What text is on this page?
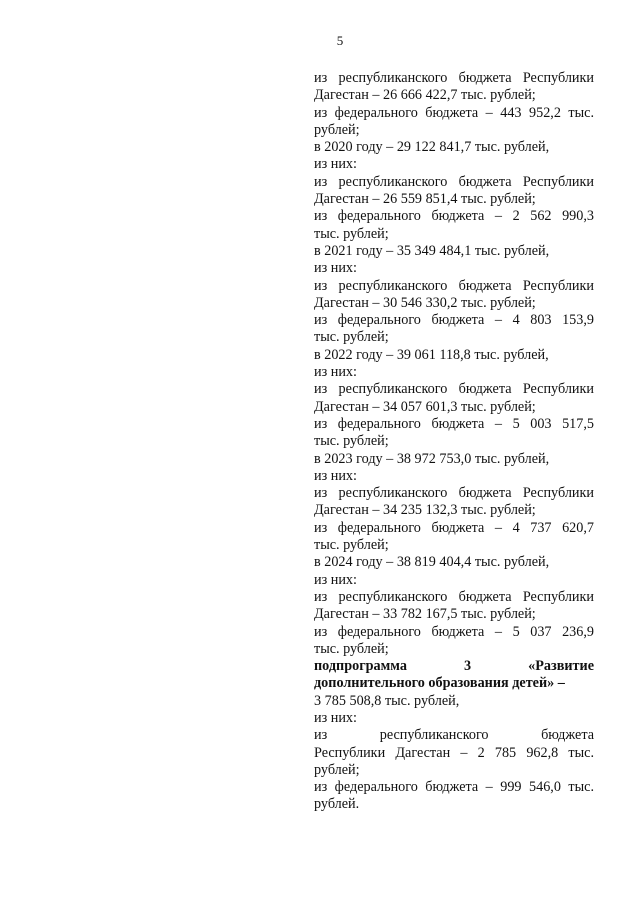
5
из республиканского бюджета Республики
Дагестан – 26 666 422,7 тыс. рублей;
из федерального бюджета – 443 952,2 тыс.
рублей;
в 2020 году – 29 122 841,7 тыс. рублей,
из них:
из республиканского бюджета Республики
Дагестан – 26 559 851,4 тыс. рублей;
из федерального бюджета – 2 562 990,3
тыс. рублей;
в 2021 году – 35 349 484,1 тыс. рублей,
из них:
из республиканского бюджета Республики
Дагестан – 30 546 330,2 тыс. рублей;
из федерального бюджета – 4 803 153,9
тыс. рублей;
в 2022 году – 39 061 118,8 тыс. рублей,
из них:
из республиканского бюджета Республики
Дагестан – 34 057 601,3 тыс. рублей;
из федерального бюджета – 5 003 517,5
тыс. рублей;
в 2023 году – 38 972 753,0 тыс. рублей,
из них:
из республиканского бюджета Республики
Дагестан – 34 235 132,3 тыс. рублей;
из федерального бюджета – 4 737 620,7
тыс. рублей;
в 2024 году – 38 819 404,4 тыс. рублей,
из них:
из республиканского бюджета Республики
Дагестан – 33 782 167,5 тыс. рублей;
из федерального бюджета – 5 037 236,9
тыс. рублей;
подпрограмма 3 «Развитие
дополнительного образования детей» –
3 785 508,8 тыс. рублей,
из них:
из республиканского бюджета
Республики Дагестан – 2 785 962,8 тыс.
рублей;
из федерального бюджета – 999 546,0 тыс.
рублей.
